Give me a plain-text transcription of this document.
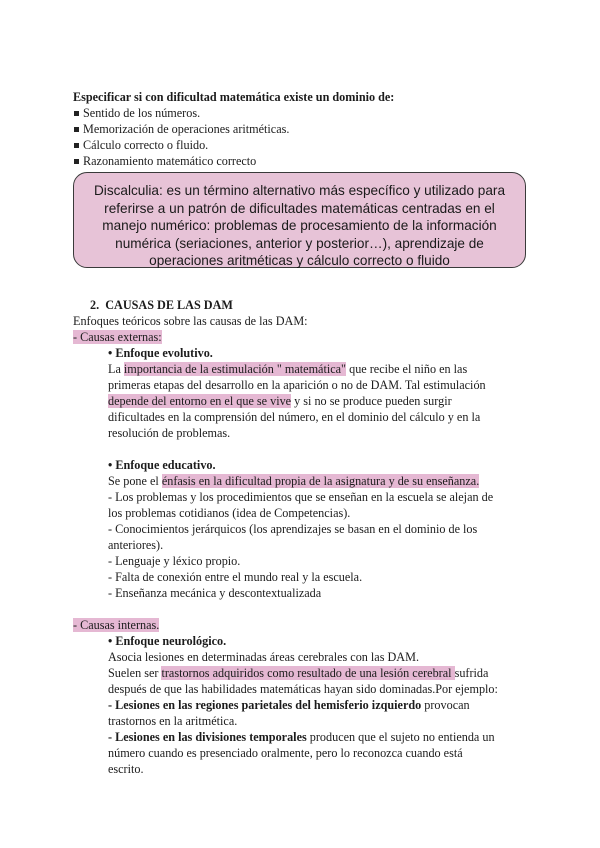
Especificar si con dificultad matemática existe un dominio de:
Sentido de los números.
Memorización de operaciones aritméticas.
Cálculo correcto o fluido.
Razonamiento matemático correcto
Discalculia: es un término alternativo más específico y utilizado para
referirse a un patrón de dificultades matemáticas centradas en el
manejo numérico: problemas de procesamiento de la información
numérica (seriaciones, anterior y posterior…), aprendizaje de
operaciones aritméticas y cálculo correcto o fluido
2. CAUSAS DE LAS DAM
Enfoques teóricos sobre las causas de las DAM:
- Causas externas:
• Enfoque evolutivo.
La importancia de la estimulación " matemática" que recibe el niño en las
primeras etapas del desarrollo en la aparición o no de DAM. Tal estimulación
depende del entorno en el que se vive y si no se produce pueden surgir
dificultades en la comprensión del número, en el dominio del cálculo y en la
resolución de problemas.
• Enfoque educativo.
Se pone el énfasis en la dificultad propia de la asignatura y de su enseñanza.
- Los problemas y los procedimientos que se enseñan en la escuela se alejan de
los problemas cotidianos (idea de Competencias).
- Conocimientos jerárquicos (los aprendizajes se basan en el dominio de los
anteriores).
- Lenguaje y léxico propio.
- Falta de conexión entre el mundo real y la escuela.
- Enseñanza mecánica y descontextualizada
- Causas internas.
• Enfoque neurológico.
Asocia lesiones en determinadas áreas cerebrales con las DAM.
Suelen ser trastornos adquiridos como resultado de una lesión cerebral sufrida
después de que las habilidades matemáticas hayan sido dominadas.Por ejemplo:
- Lesiones en las regiones parietales del hemisferio izquierdo provocan
trastornos en la aritmética.
- Lesiones en las divisiones temporales producen que el sujeto no entienda un
número cuando es presenciado oralmente, pero lo reconozca cuando está
escrito.
